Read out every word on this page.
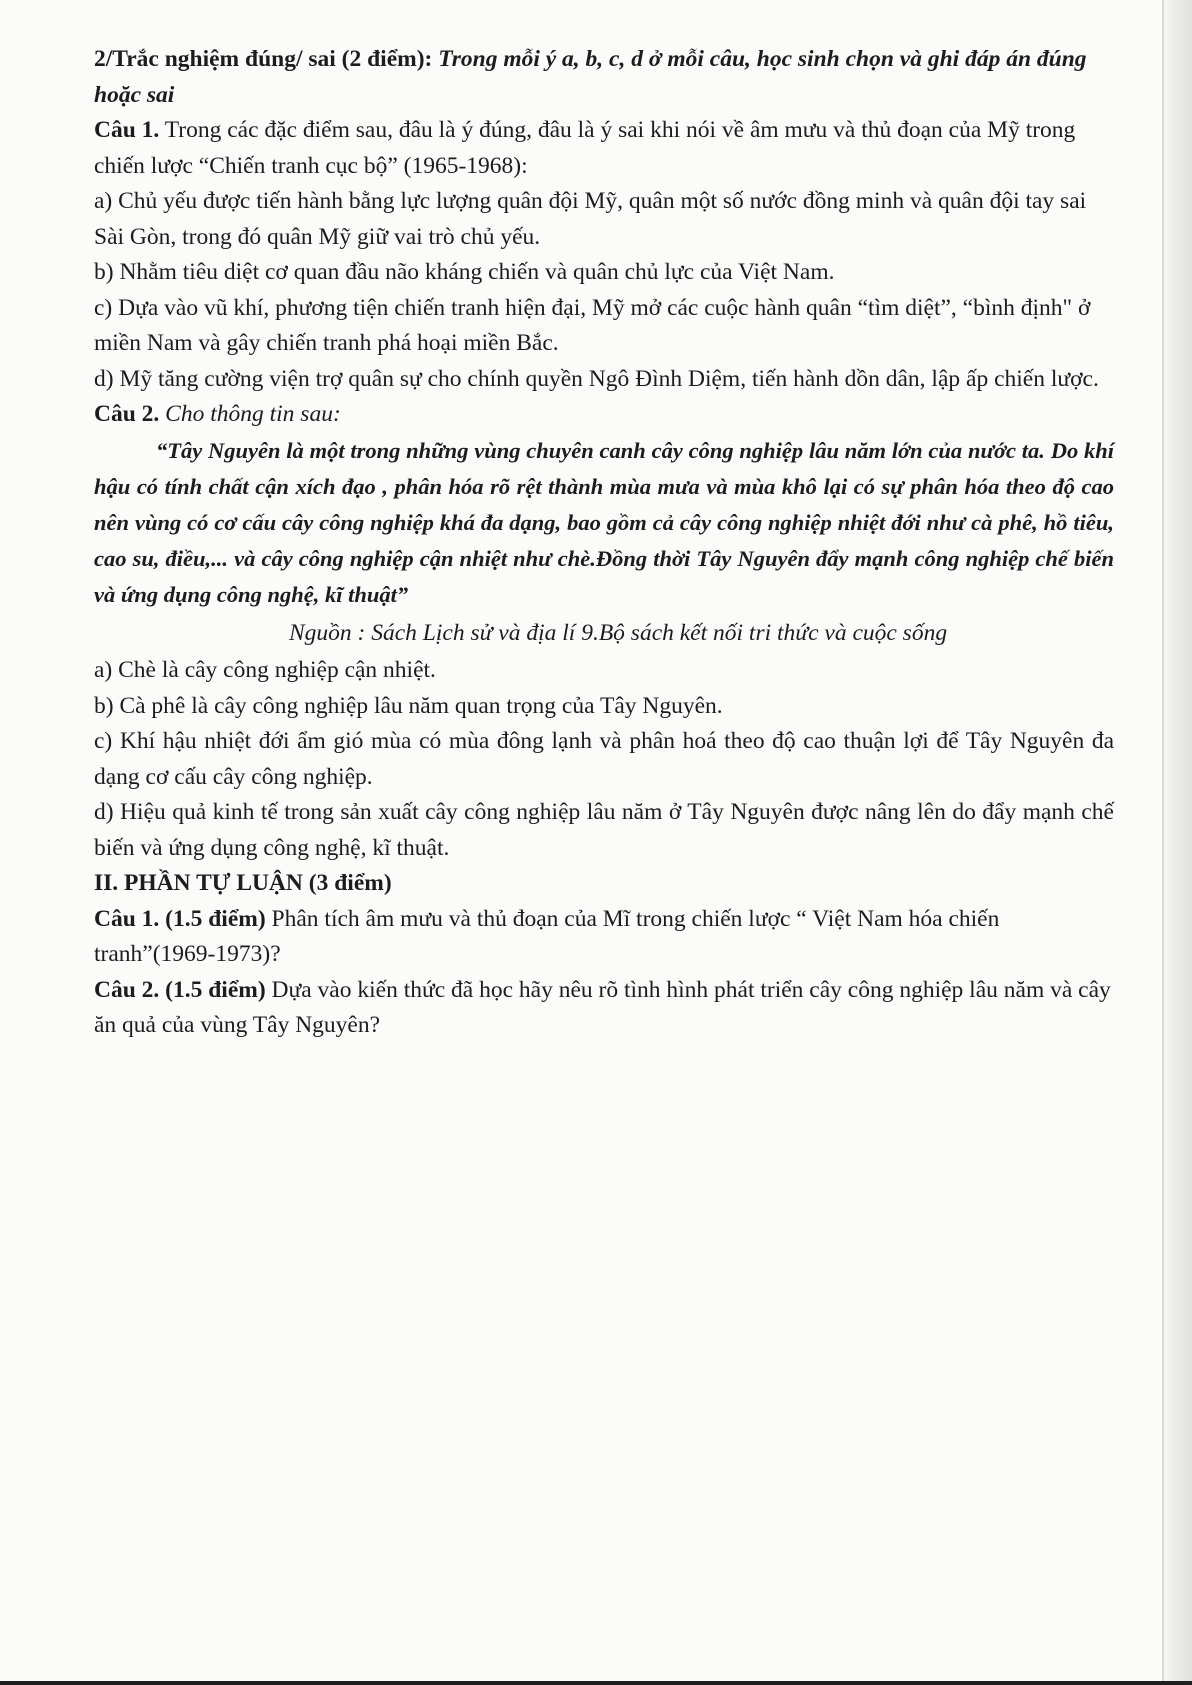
2/Trắc nghiệm đúng/ sai (2 điểm): Trong mỗi ý a, b, c, d ở mỗi câu, học sinh chọn và ghi đáp án đúng hoặc sai

Câu 1. Trong các đặc điểm sau, đâu là ý đúng, đâu là ý sai khi nói về âm mưu và thủ đoạn của Mỹ trong chiến lược “Chiến tranh cục bộ” (1965-1968):

a) Chủ yếu được tiến hành bằng lực lượng quân đội Mỹ, quân một số nước đồng minh và quân đội tay sai Sài Gòn, trong đó quân Mỹ giữ vai trò chủ yếu.

b) Nhằm tiêu diệt cơ quan đầu não kháng chiến và quân chủ lực của Việt Nam.

c) Dựa vào vũ khí, phương tiện chiến tranh hiện đại, Mỹ mở các cuộc hành quân “tìm diệt”, “bình định" ở miền Nam và gây chiến tranh phá hoại miền Bắc.

d) Mỹ tăng cường viện trợ quân sự cho chính quyền Ngô Đình Diệm, tiến hành dồn dân, lập ấp chiến lược.

Câu 2. Cho thông tin sau:

“Tây Nguyên là một trong những vùng chuyên canh cây công nghiệp lâu năm lớn của nước ta. Do khí hậu có tính chất cận xích đạo , phân hóa rõ rệt thành mùa mưa và mùa khô lại có sự phân hóa theo độ cao nên vùng có cơ cấu cây công nghiệp khá đa dạng, bao gồm cả cây công nghiệp nhiệt đới như cà phê, hồ tiêu, cao su, điều,... và cây công nghiệp cận nhiệt như chè.Đồng thời Tây Nguyên đẩy mạnh công nghiệp chế biến và ứng dụng công nghệ, kĩ thuật”

Nguồn : Sách Lịch sử và địa lí 9.Bộ sách kết nối tri thức và cuộc sống

a) Chè là cây công nghiệp cận nhiệt.

b) Cà phê là cây công nghiệp lâu năm quan trọng của Tây Nguyên.

c) Khí hậu nhiệt đới ẩm gió mùa có mùa đông lạnh và phân hoá theo độ cao thuận lợi để Tây Nguyên đa dạng cơ cấu cây công nghiệp.

d) Hiệu quả kinh tế trong sản xuất cây công nghiệp lâu năm ở Tây Nguyên được nâng lên do đẩy mạnh chế biến và ứng dụng công nghệ, kĩ thuật.

II. PHẦN TỰ LUẬN (3 điểm)

Câu 1. (1.5 điểm) Phân tích âm mưu và thủ đoạn của Mĩ trong chiến lược “ Việt Nam hóa chiến tranh”(1969-1973)?

Câu 2. (1.5 điểm) Dựa vào kiến thức đã học hãy nêu rõ tình hình phát triển cây công nghiệp lâu năm và cây ăn quả của vùng Tây Nguyên?
